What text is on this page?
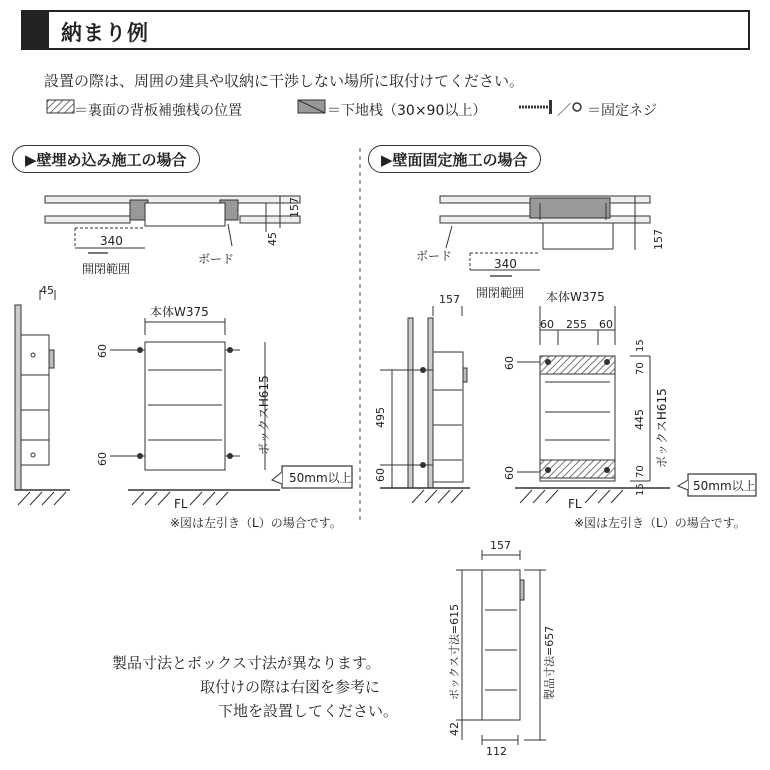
納まり例
設置の際は、周囲の建具や収納に干渉しない場所に取付けてください。
157
45
340
開閉範囲
ボード
45
本体W375
60
60
ボックスH615
50mm以上
FL
※図は左引き（L）の場合です。
157
ボード
340
開閉範囲
157
495
60
本体W375
60 255 60
60
60
15
70
445
70
15
ボックスH615
50mm以上
FL
※図は左引き（L）の場合です。
157
ボックス寸法=615	製品寸法=657
42
112
＝裏面の背板補強桟の位置	＝下地桟（30×90以上）	／ ＝固定ネジ
▶壁埋め込み施工の場合	▶壁面固定施工の場合
製品寸法とボックス寸法が異なります。
取付けの際は右図を参考に
下地を設置してください。
